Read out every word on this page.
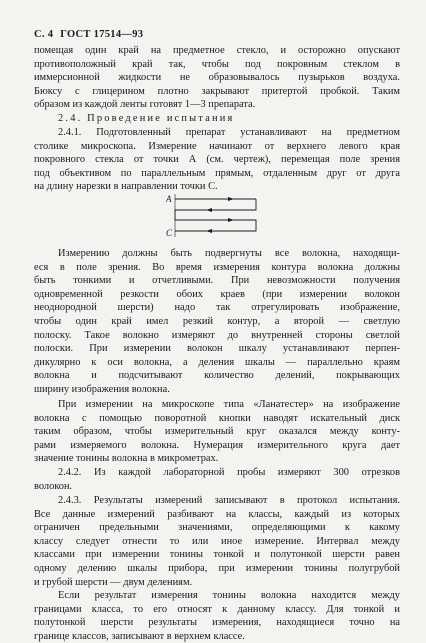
С. 4 ГОСТ 17514—93
помещая один край на предметное стекло, и осторожно опускают
противоположный край так, чтобы под покровным стеклом в
иммерсионной жидкости не образовывалось пузырьков воздуха.
Бюксу с глицерином плотно закрывают притертой пробкой. Таким
образом из каждой ленты готовят 1—3 препарата.
2.4. Проведение испытания
2.4.1. Подготовленный препарат устанавливают на предметном
столике микроскопа. Измерение начинают от верхнего левого края
покровного стекла от точки А (см. чертеж), перемещая поле зрения
под объективом по параллельным прямым, отдаленным друг от друга
на длину нарезки в направлении точки С.
А
С
Измерению должны быть подвергнуты все волокна, находящи-
еся в поле зрения. Во время измерения контура волокна должны
быть тонкими и отчетливыми. При невозможности получения
одновременной резкости обоих краев (при измерении волокон
неоднородной шерсти) надо так отрегулировать изображение,
чтобы один край имел резкий контур, а второй — светлую
полоску. Такое волокно измеряют до внутренней стороны светлой
полоски. При измерении волокон шкалу устанавливают перпен-
дикулярно к оси волокна, а деления шкалы — параллельно краям
волокна и подсчитывают количество делений, покрывающих
ширину изображения волокна.
При измерении на микроскопе типа «Ланатестер» на изображение
волокна с помощью поворотной кнопки наводят искательный диск
таким образом, чтобы измерительный круг оказался между конту-
рами измеряемого волокна. Нумерация измерительного круга дает
значение тонины волокна в микрометрах.
2.4.2. Из каждой лабораторной пробы измеряют 300 отрезков
волокон.
2.4.3. Результаты измерений записывают в протокол испытания.
Все данные измерений разбивают на классы, каждый из которых
ограничен предельными значениями, определяющими к какому
классу следует отнести то или иное измерение. Интервал между
классами при измерении тонины тонкой и полутонкой шерсти равен
одному делению шкалы прибора, при измерении тонины полугрубой
и грубой шерсти — двум делениям.
Если результат измерения тонины волокна находится между
границами класса, то его относят к данному классу. Для тонкой и
полутонкой шерсти результаты измерения, находящиеся точно на
границе классов, записывают в верхнем классе.
